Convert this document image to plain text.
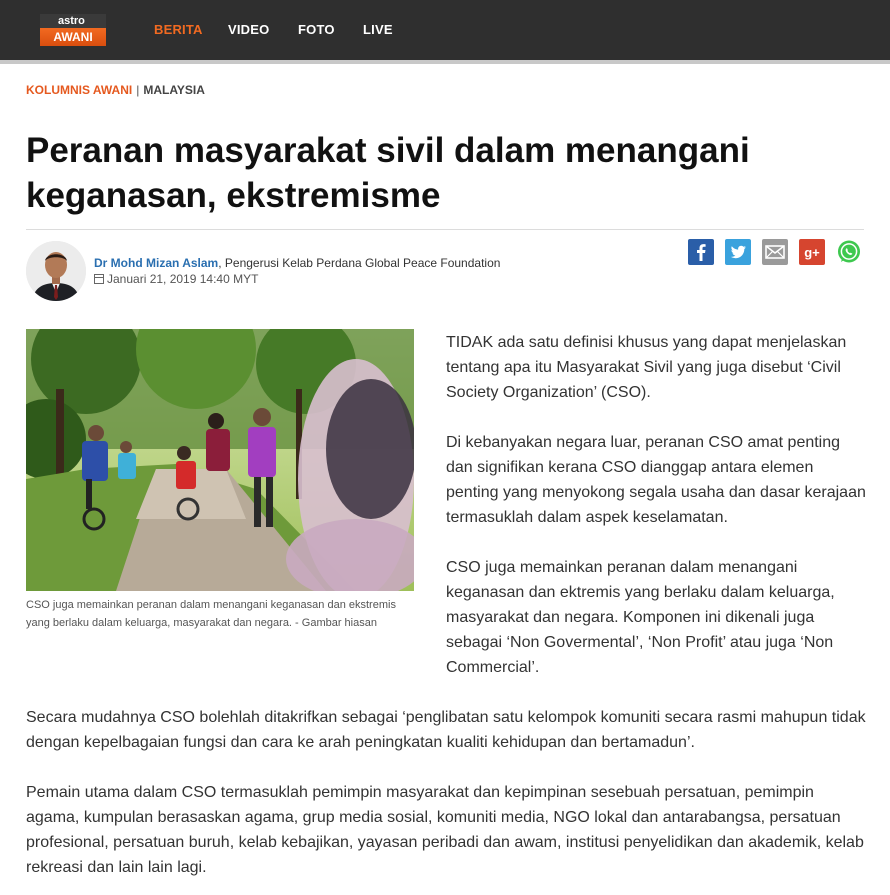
astro
AWANI	BERITA VIDEO FOTO LIVE
KOLUMNIS AWANI | MALAYSIA
Peranan masyarakat sivil dalam menangani keganasan, ekstremisme
Dr Mohd Mizan Aslam, Pengerusi Kelab Perdana Global Peace Foundation
Januari 21, 2019 14:40 MYT
g+
CSO juga memainkan peranan dalam menangani keganasan dan ekstremis yang berlaku dalam keluarga, masyarakat dan negara. - Gambar hiasan

TIDAK ada satu definisi khusus yang dapat menjelaskan tentang apa itu Masyarakat Sivil yang juga disebut ‘Civil Society Organization’ (CSO).

Di kebanyakan negara luar, peranan CSO amat penting dan signifikan kerana CSO dianggap antara elemen penting yang menyokong segala usaha dan dasar kerajaan termasuklah dalam aspek keselamatan.

CSO juga memainkan peranan dalam menangani keganasan dan ektremis yang berlaku dalam keluarga, masyarakat dan negara. Komponen ini dikenali juga sebagai ‘Non Govermental’, ‘Non Profit’ atau juga ‘Non Commercial’.

Secara mudahnya CSO bolehlah ditakrifkan sebagai ‘penglibatan satu kelompok komuniti secara rasmi mahupun tidak dengan kepelbagaian fungsi dan cara ke arah peningkatan kualiti kehidupan dan bertamadun’.

Pemain utama dalam CSO termasuklah pemimpin masyarakat dan kepimpinan sesebuah persatuan, pemimpin agama, kumpulan berasaskan agama, grup media sosial, komuniti media, NGO lokal dan antarabangsa, persatuan profesional, persatuan buruh, kelab kebajikan, yayasan peribadi dan awam, institusi penyelidikan dan akademik, kelab rekreasi dan lain lain lagi.
